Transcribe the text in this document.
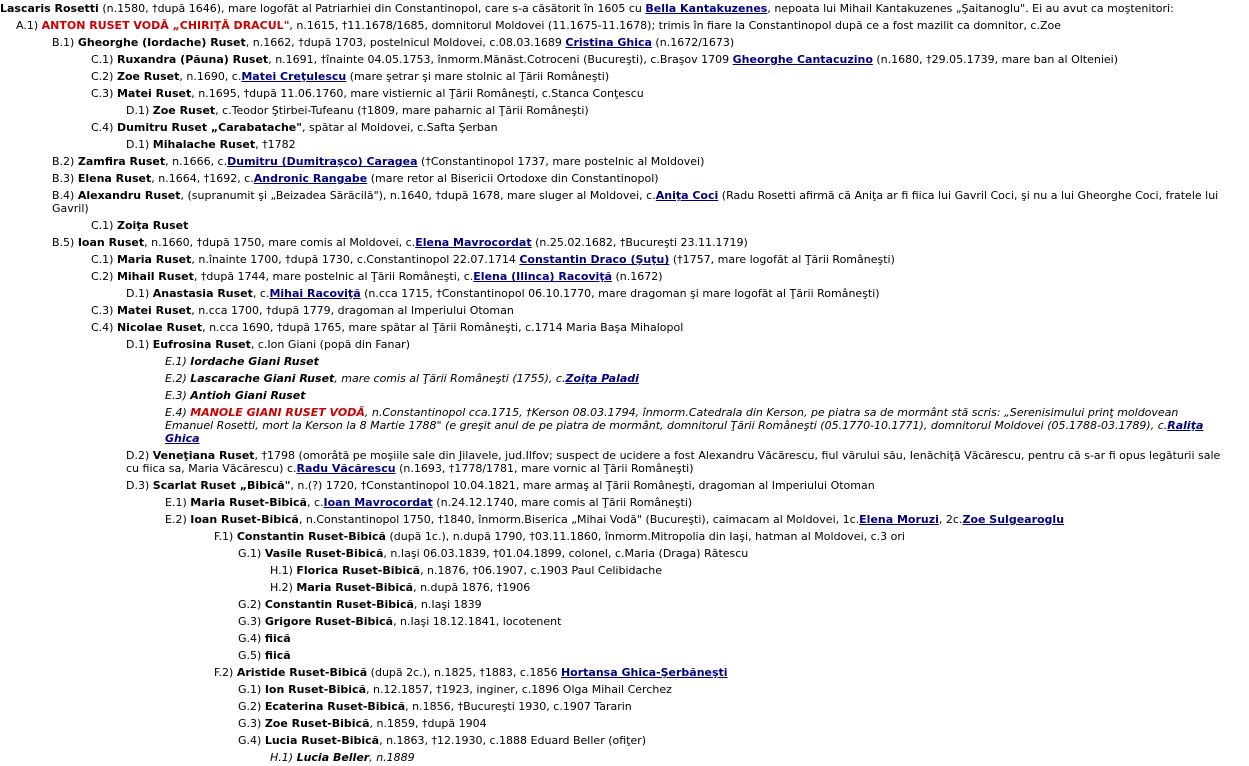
Lascaris Rosetti (n.1580, †după 1646), mare logofăt al Patriarhiei din Constantinopol, care s-a căsătorit în 1605 cu Bella Kantakuzenes, nepoata lui Mihail Kantakuzenes „Şaitanoglu". Ei au avut ca moştenitori:
A.1) ANTON RUSET VODĂ „CHIRIŢĂ DRACUL", n.1615, †11.1678/1685, domnitorul Moldovei (11.1675-11.1678); trimis în fiare la Constantinopol după ce a fost mazilit ca domnitor, c.Zoe
B.1) Gheorghe (Iordache) Ruset, n.1662, †după 1703, postelnicul Moldovei, c.08.03.1689 Cristina Ghica (n.1672/1673)
C.1) Ruxandra (Păuna) Ruset, n.1691, †înainte 04.05.1753, înmorm.Mănăst.Cotroceni (Bucureşti), c.Braşov 1709 Gheorghe Cantacuzino (n.1680, †29.05.1739, mare ban al Olteniei)
C.2) Zoe Ruset, n.1690, c.Matei Creţulescu (mare şetrar şi mare stolnic al Ţării Româneşti)
C.3) Matei Ruset, n.1695, †după 11.06.1760, mare vistiernic al Ţării Româneşti, c.Stanca Conţescu
D.1) Zoe Ruset, c.Teodor Ştirbei-Tufeanu (†1809, mare paharnic al Ţării Româneşti)
C.4) Dumitru Ruset „Carabatache", spătar al Moldovei, c.Safta Şerban
D.1) Mihalache Ruset, †1782
B.2) Zamfira Ruset, n.1666, c.Dumitru (Dumitraşco) Caragea (†Constantinopol 1737, mare postelnic al Moldovei)
B.3) Elena Ruset, n.1664, †1692, c.Andronic Rangabe (mare retor al Bisericii Ortodoxe din Constantinopol)
B.4) Alexandru Ruset, (supranumit şi „Beizadea Sărăcilă"), n.1640, †după 1678, mare sluger al Moldovei, c.Aniţa Coci (Radu Rosetti afirmă că Aniţa ar fi fiica lui Gavril Coci, şi nu a lui Gheorghe Coci, fratele lui Gavril)
C.1) Zoiţa Ruset
B.5) Ioan Ruset, n.1660, †după 1750, mare comis al Moldovei, c.Elena Mavrocordat (n.25.02.1682, †Bucureşti 23.11.1719)
C.1) Maria Ruset, n.înainte 1700, †după 1730, c.Constantinopol 22.07.1714 Constantin Draco (Şuţu) (†1757, mare logofăt al Ţării Româneşti)
C.2) Mihail Ruset, †după 1744, mare postelnic al Ţării Româneşti, c.Elena (Ilinca) Racoviţă (n.1672)
D.1) Anastasia Ruset, c.Mihai Racoviţă (n.cca 1715, †Constantinopol 06.10.1770, mare dragoman şi mare logofăt al Ţării Româneşti)
C.3) Matei Ruset, n.cca 1700, †după 1779, dragoman al Imperiului Otoman
C.4) Nicolae Ruset, n.cca 1690, †după 1765, mare spătar al Ţării Româneşti, c.1714 Maria Başa Mihalopol
D.1) Eufrosina Ruset, c.Ion Giani (popă din Fanar)
E.1) Iordache Giani Ruset
E.2) Lascarache Giani Ruset, mare comis al Ţării Româneşti (1755), c.Zoiţa Paladi
E.3) Antioh Giani Ruset
E.4) MANOLE GIANI RUSET VODĂ, n.Constantinopol cca.1715, †Kerson 08.03.1794, înmorm.Catedrala din Kerson, pe piatra sa de mormânt stă scris: „Serenisimului prinţ moldovean Emanuel Rosetti, mort la Kerson la 8 Martie 1788" (e greşit anul de pe piatra de mormânt, domnitorul Ţării Româneşti (05.1770-10.1771), domnitorul Moldovei (05.1788-03.1789), c.Raliţa Ghica
D.2) Veneţiana Ruset, †1798 (omorâtă pe moşiile sale din Jilavele, jud.Ilfov; suspect de ucidere a fost Alexandru Văcărescu, fiul vărului său, Ienăchiţă Văcărescu, pentru că s-ar fi opus legăturii sale cu fiica sa, Maria Văcărescu) c.Radu Văcărescu (n.1693, †1778/1781, mare vornic al Ţării Româneşti)
D.3) Scarlat Ruset „Bibică", n.(?) 1720, †Constantinopol 10.04.1821, mare armaş al Ţării Româneşti, dragoman al Imperiului Otoman
E.1) Maria Ruset-Bibică, c.Ioan Mavrocordat (n.24.12.1740, mare comis al Ţării Româneşti)
E.2) Ioan Ruset-Bibică, n.Constantinopol 1750, †1840, înmorm.Biserica „Mihai Vodă" (Bucureşti), caimacam al Moldovei, 1c.Elena Moruzi, 2c.Zoe Sulgearoglu
F.1) Constantin Ruset-Bibică (după 1c.), n.după 1790, †03.11.1860, înmorm.Mitropolia din Iaşi, hatman al Moldovei, c.3 ori
G.1) Vasile Ruset-Bibică, n.Iaşi 06.03.1839, †01.04.1899, colonel, c.Maria (Draga) Rătescu
H.1) Florica Ruset-Bibică, n.1876, †06.1907, c.1903 Paul Celibidache
H.2) Maria Ruset-Bibică, n.după 1876, †1906
G.2) Constantin Ruset-Bibică, n.Iaşi 1839
G.3) Grigore Ruset-Bibică, n.Iaşi 18.12.1841, locotenent
G.4) fiică
G.5) fiică
F.2) Aristide Ruset-Bibică (după 2c.), n.1825, †1883, c.1856 Hortansa Ghica-Şerbăneşti
G.1) Ion Ruset-Bibică, n.12.1857, †1923, inginer, c.1896 Olga Mihail Cerchez
G.2) Ecaterina Ruset-Bibică, n.1856, †Bucureşti 1930, c.1907 Tararin
G.3) Zoe Ruset-Bibică, n.1859, †după 1904
G.4) Lucia Ruset-Bibică, n.1863, †12.1930, c.1888 Eduard Beller (ofiţer)
H.1) Lucia Beller, n.1889
